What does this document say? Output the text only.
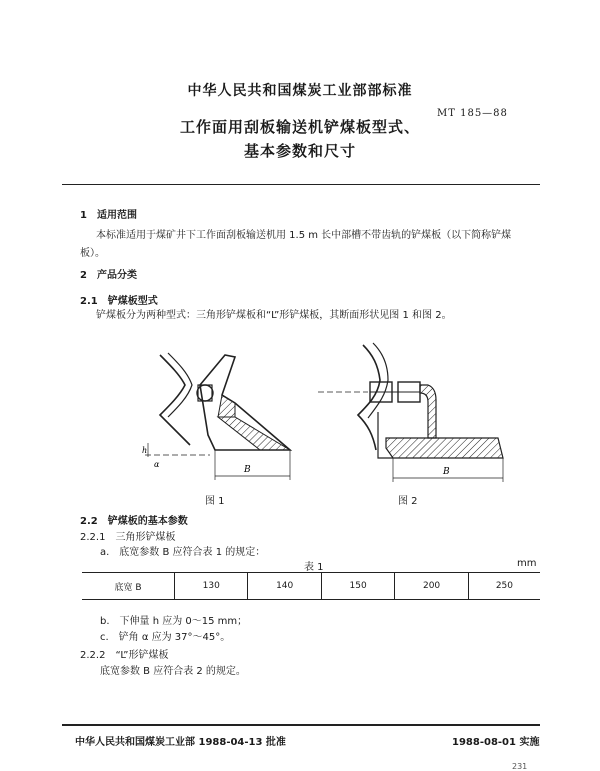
中华人民共和国煤炭工业部部标准
MT 185—88
工作面用刮板输送机铲煤板型式、
基本参数和尺寸
1　适用范围
本标准适用于煤矿井下工作面刮板输送机用 1.5 m 长中部槽不带齿轨的铲煤板（以下简称铲煤
板）。
2　产品分类
2.1　铲煤板型式
铲煤板分为两种型式：三角形铲煤板和“L”形铲煤板，其断面形状见图 1 和图 2。
B
h
α
图 1
B
图 2
2.2　铲煤板的基本参数
2.2.1　三角形铲煤板
a.　底宽参数 B 应符合表 1 的规定：
表 1	mm
底宽 B	130	140	150	200	250
b.　下伸量 h 应为 0～15 mm；
c.　铲角 α 应为 37°～45°。
2.2.2　“L”形铲煤板
底宽参数 B 应符合表 2 的规定。
中华人民共和国煤炭工业部 1988-04-13 批准	1988-08-01 实施
231
